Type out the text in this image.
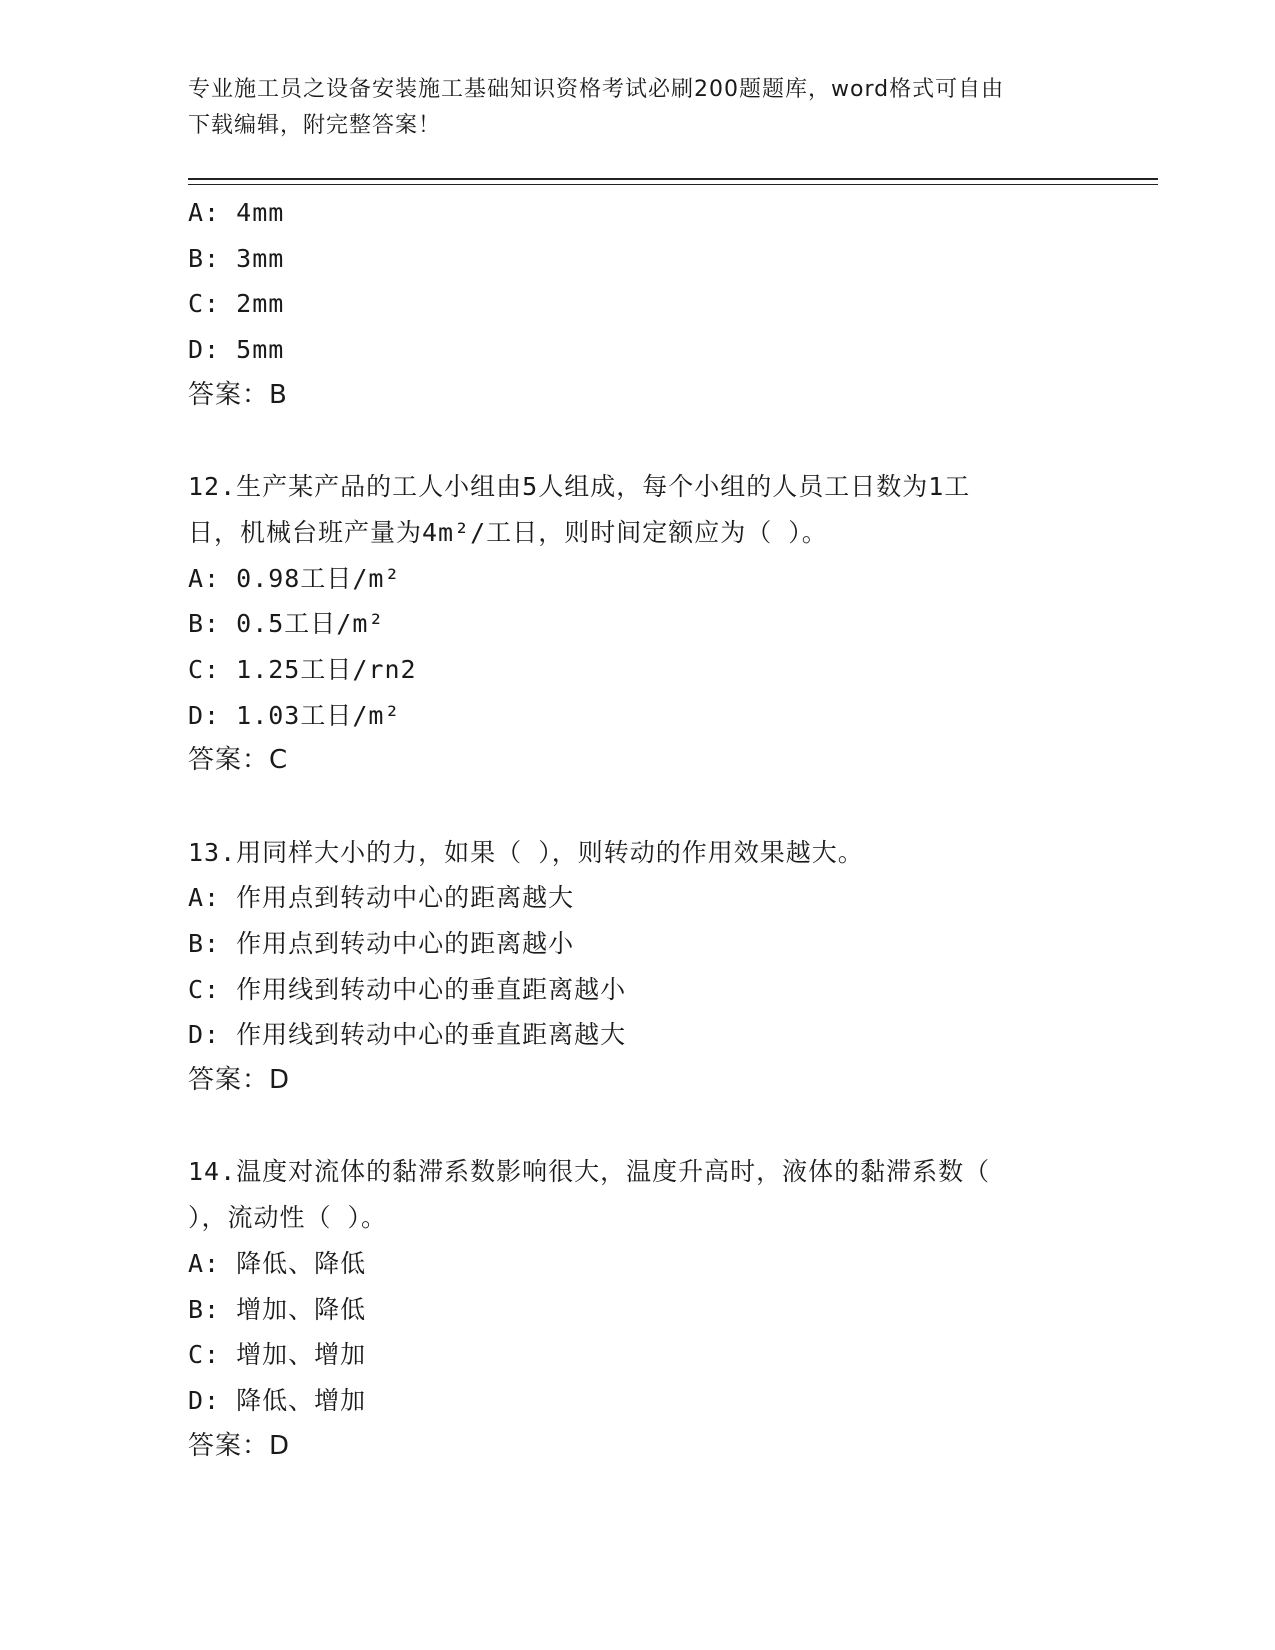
专业施工员之设备安装施工基础知识资格考试必刷200题题库，word格式可自由
下载编辑，附完整答案！
A: 4mm
B: 3mm
C: 2mm
D: 5mm
答案：B
12.生产某产品的工人小组由5人组成，每个小组的人员工日数为1工
日，机械台班产量为4m²/工日，则时间定额应为（ ）。
A: 0.98工日/m²
B: 0.5工日/m²
C: 1.25工日/rn2
D: 1.03工日/m²
答案：C
13.用同样大小的力，如果（ ），则转动的作用效果越大。
A: 作用点到转动中心的距离越大
B: 作用点到转动中心的距离越小
C: 作用线到转动中心的垂直距离越小
D: 作用线到转动中心的垂直距离越大
答案：D
14.温度对流体的黏滞系数影响很大，温度升高时，液体的黏滞系数（
），流动性（ ）。
A: 降低、降低
B: 增加、降低
C: 增加、增加
D: 降低、增加
答案：D
